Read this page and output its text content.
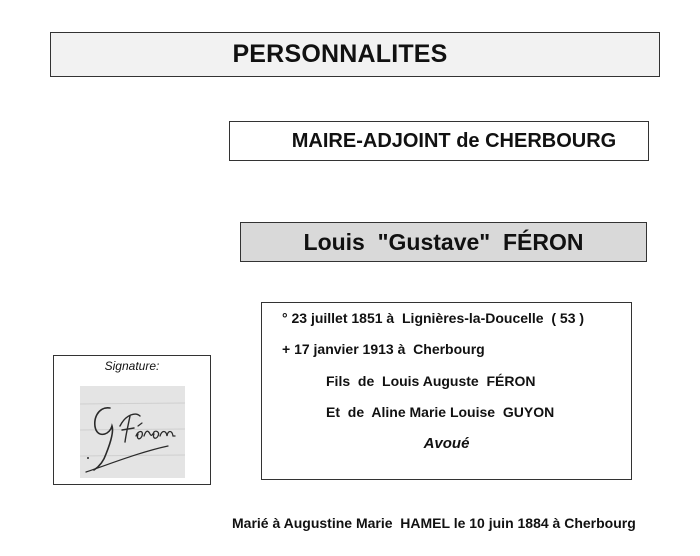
PERSONNALITES
MAIRE-ADJOINT de CHERBOURG
Louis  "Gustave"  FÉRON
° 23 juillet 1851 à  Lignières-la-Doucelle  ( 53 )
+ 17 janvier 1913 à  Cherbourg
Fils  de  Louis Auguste  FÉRON
Et  de  Aline Marie Louise  GUYON
Avoué
Signature:
Marié à Augustine Marie  HAMEL le 10 juin 1884 à Cherbourg
